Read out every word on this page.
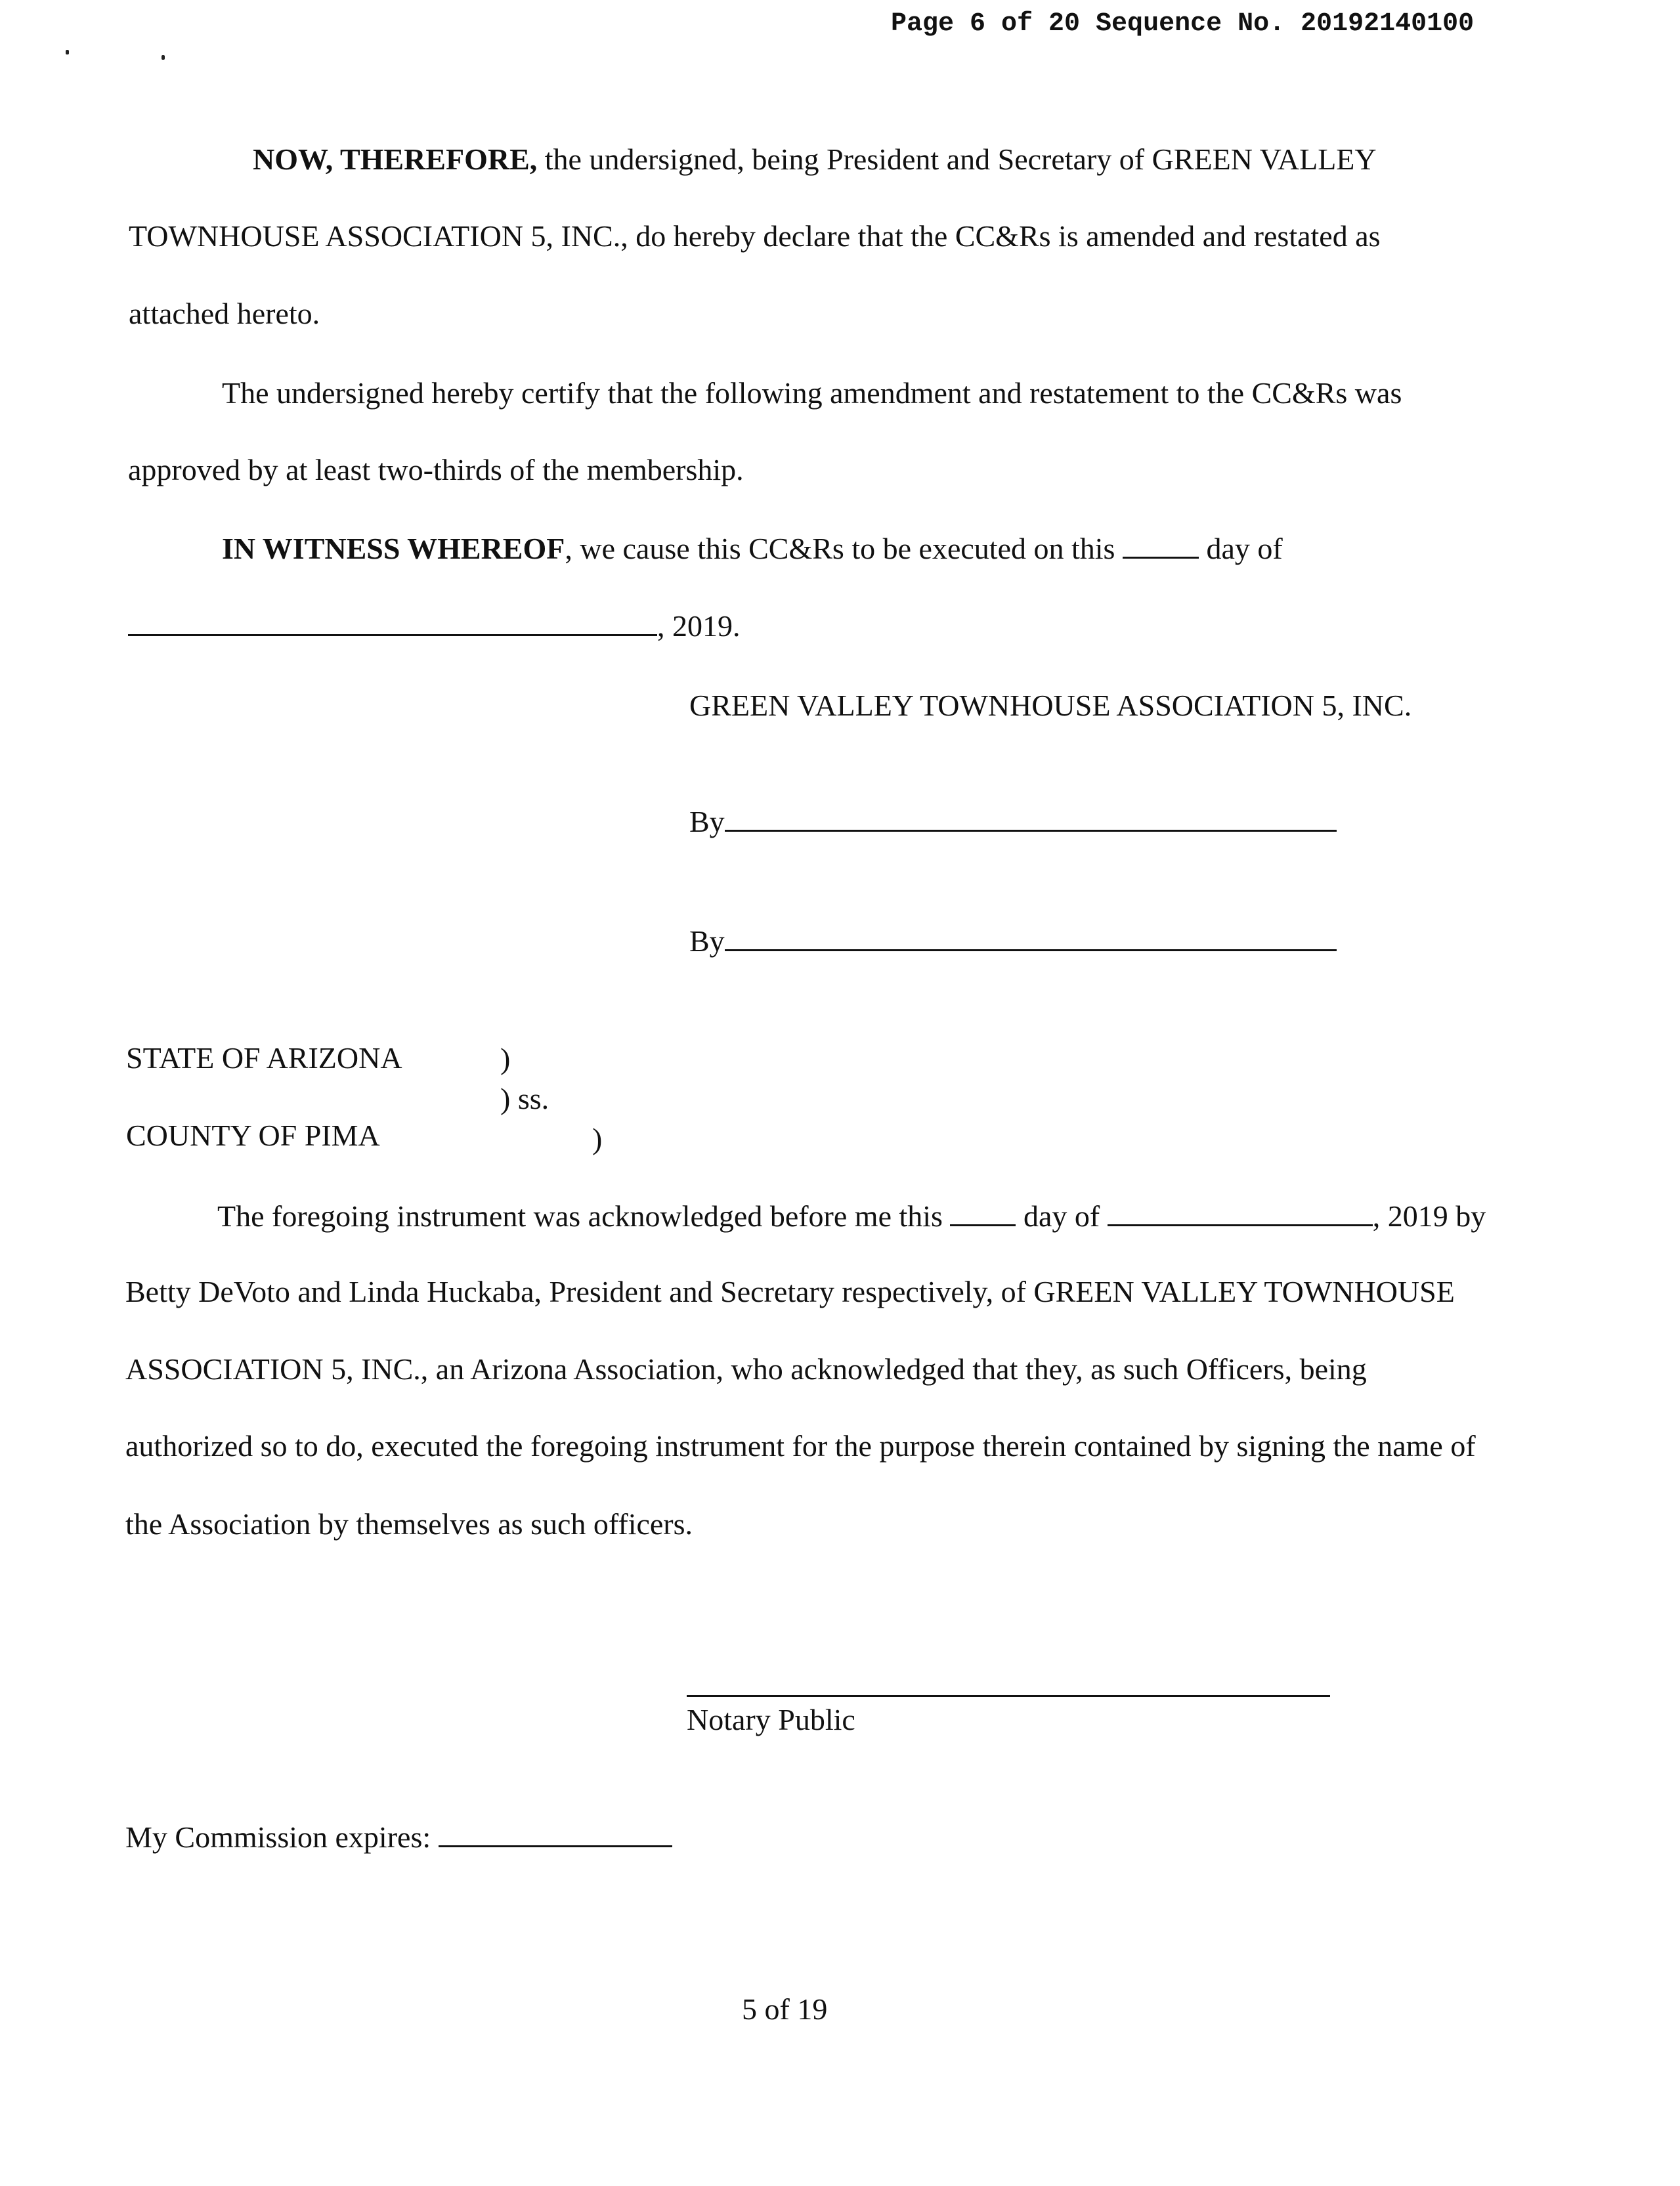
Page 6 of 20 Sequence No. 20192140100
NOW, THEREFORE, the undersigned, being President and Secretary of GREEN VALLEY
TOWNHOUSE ASSOCIATION 5, INC., do hereby declare that the CC&Rs is amended and restated as
attached hereto.
The undersigned hereby certify that the following amendment and restatement to the CC&Rs was
approved by at least two-thirds of the membership.
IN WITNESS WHEREOF, we cause this CC&Rs to be executed on this	day of
, 2019.
GREEN VALLEY TOWNHOUSE ASSOCIATION 5, INC.
By
By
STATE OF ARIZONA	)
) ss.
COUNTY OF PIMA	)
The foregoing instrument was acknowledged before me this  day of	, 2019 by
Betty DeVoto and Linda Huckaba, President and Secretary respectively, of GREEN VALLEY TOWNHOUSE
ASSOCIATION 5, INC., an Arizona Association, who acknowledged that they, as such Officers, being
authorized so to do, executed the foregoing instrument for the purpose therein contained by signing the name of
the Association by themselves as such officers.
Notary Public
My Commission expires:
5 of 19
